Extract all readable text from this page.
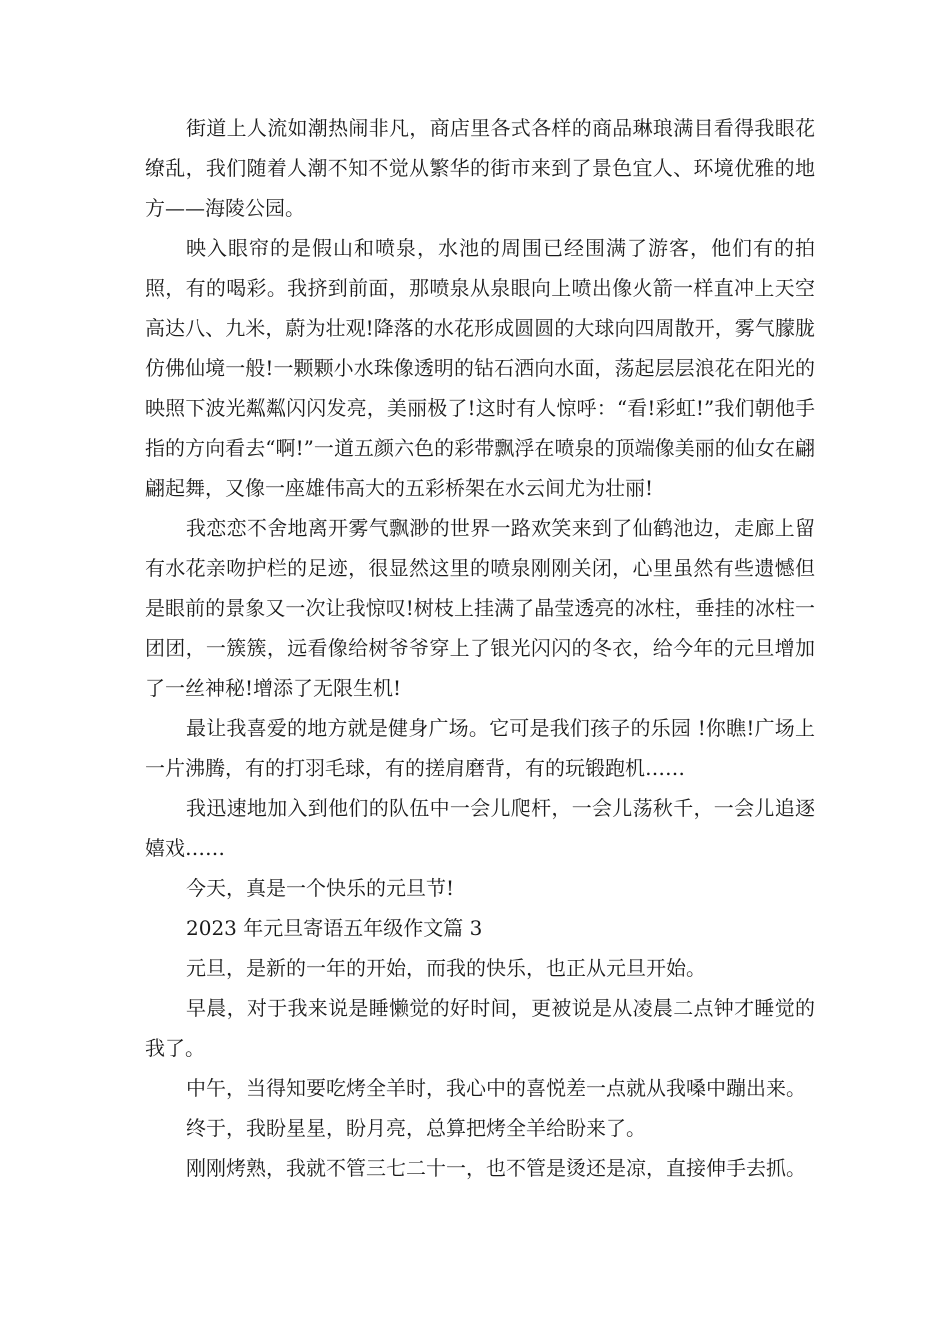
街道上人流如潮热闹非凡，商店里各式各样的商品琳琅满目看得我眼花缭乱，我们随着人潮不知不觉从繁华的街市来到了景色宜人、环境优雅的地方——海陵公园。

映入眼帘的是假山和喷泉，水池的周围已经围满了游客，他们有的拍照，有的喝彩。我挤到前面，那喷泉从泉眼向上喷出像火箭一样直冲上天空高达八、九米，蔚为壮观!降落的水花形成圆圆的大球向四周散开，雾气朦胧仿佛仙境一般!一颗颗小水珠像透明的钻石洒向水面，荡起层层浪花在阳光的映照下波光粼粼闪闪发亮，美丽极了!这时有人惊呼：“看!彩虹!”我们朝他手指的方向看去“啊!”一道五颜六色的彩带飘浮在喷泉的顶端像美丽的仙女在翩翩起舞，又像一座雄伟高大的五彩桥架在水云间尤为壮丽!

我恋恋不舍地离开雾气飘渺的世界一路欢笑来到了仙鹤池边，走廊上留有水花亲吻护栏的足迹，很显然这里的喷泉刚刚关闭，心里虽然有些遗憾但是眼前的景象又一次让我惊叹!树枝上挂满了晶莹透亮的冰柱，垂挂的冰柱一团团，一簇簇，远看像给树爷爷穿上了银光闪闪的冬衣，给今年的元旦增加了一丝神秘!增添了无限生机!

最让我喜爱的地方就是健身广场。它可是我们孩子的乐园 !你瞧!广场上一片沸腾，有的打羽毛球，有的搓肩磨背，有的玩锻跑机……

我迅速地加入到他们的队伍中一会儿爬杆，一会儿荡秋千，一会儿追逐嬉戏……

今天，真是一个快乐的元旦节!

2023 年元旦寄语五年级作文篇 3

元旦，是新的一年的开始，而我的快乐，也正从元旦开始。

早晨，对于我来说是睡懒觉的好时间，更被说是从凌晨二点钟才睡觉的我了。

中午，当得知要吃烤全羊时，我心中的喜悦差一点就从我嗓中蹦出来。

终于，我盼星星，盼月亮，总算把烤全羊给盼来了。

刚刚烤熟，我就不管三七二十一，也不管是烫还是凉，直接伸手去抓。
